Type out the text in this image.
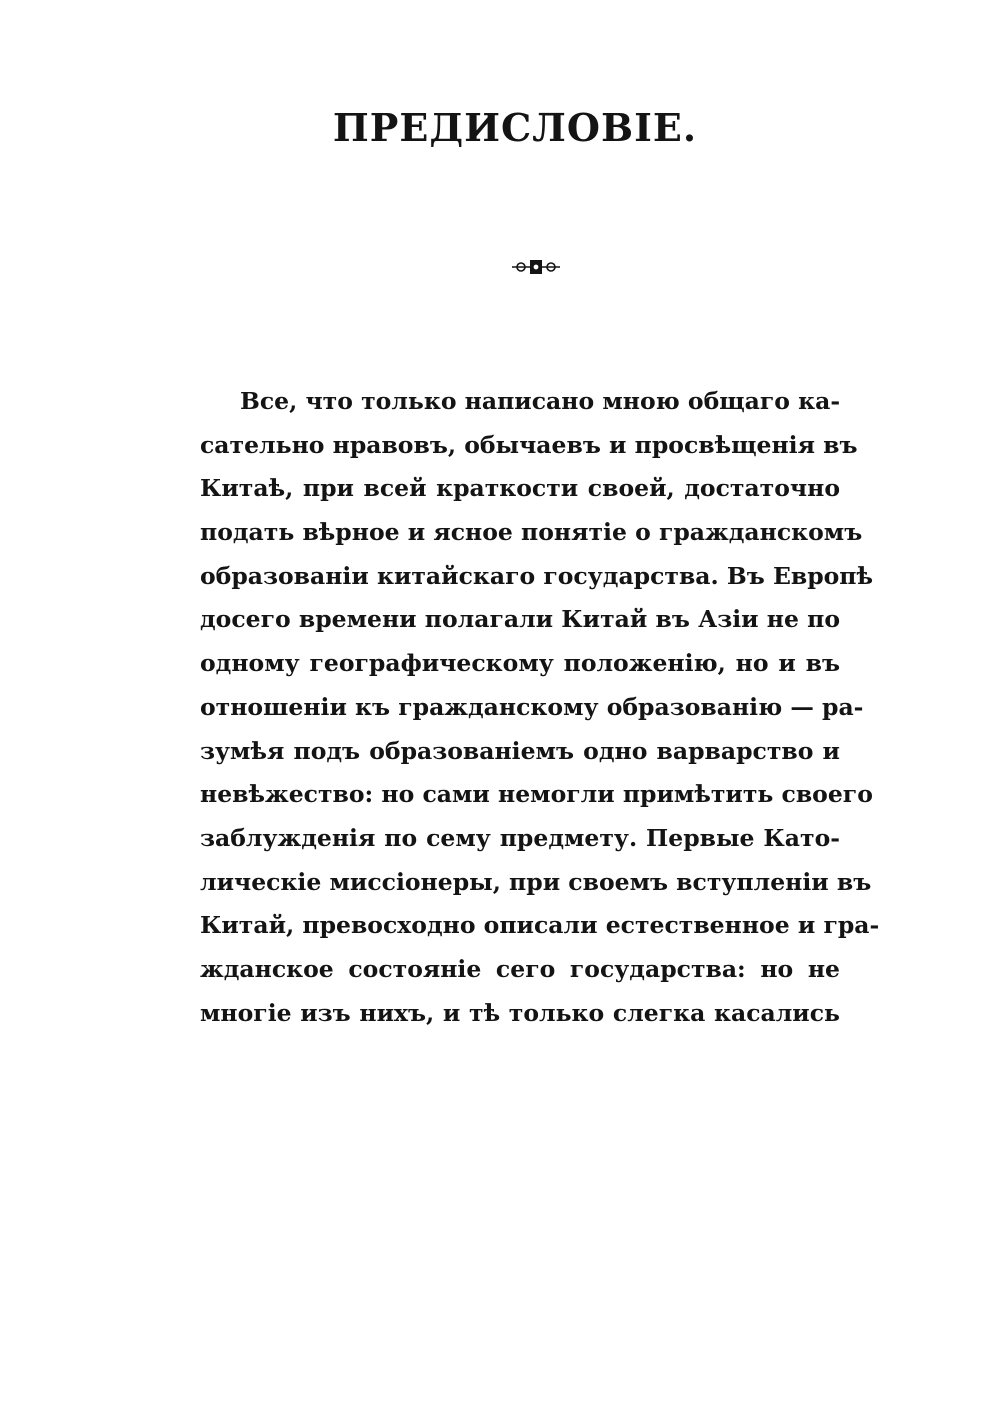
ПРЕДИСЛОВІЕ.
Все, что только написано мною общаго ка-
сательно нравовъ, обычаевъ и просвѣщенія въ
Китаѣ, при всей краткости своей, достаточно
подать вѣрное и ясное понятіе о гражданскомъ
образованіи китайскаго государства. Въ Европѣ
досего времени полагали Китай въ Азіи не по
одному географическому положенію, но и въ
отношеніи къ гражданскому образованію — ра-
зумѣя подъ образованіемъ одно варварство и
невѣжество: но сами немогли примѣтить своего
заблужденія по сему предмету. Первые Като-
лическіе миссіонеры, при своемъ вступленіи въ
Китай, превосходно описали естественное и гра-
жданское состояніе сего государства: но не
многіе изъ нихъ, и тѣ только слегка касались
